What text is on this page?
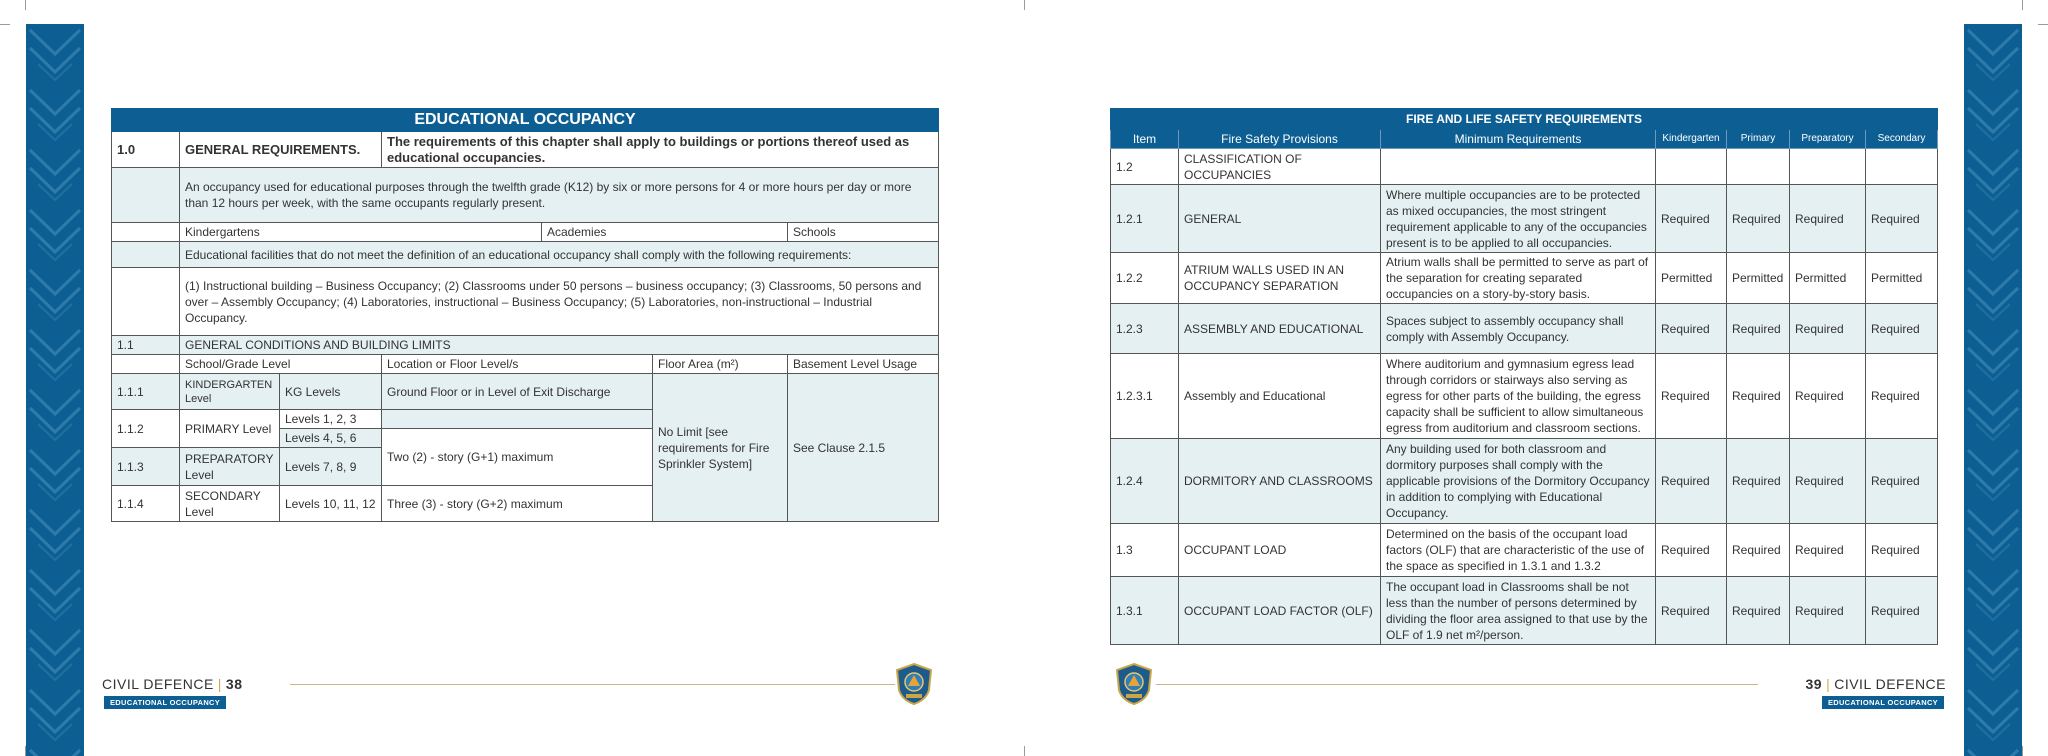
EDUCATIONAL OCCUPANCY						
1.0	GENERAL REQUIREMENTS.		The requirements of this chapter shall apply to buildings or portions thereof used as educational occupancies.			
	An occupancy used for educational purposes through the twelfth grade (K12) by six or more persons for 4 or more hours per day or more than 12 hours per week, with the same occupants regularly present.					
	Kindergartens			Academies		Schools
	Educational facilities that do not meet the definition of an educational occupancy shall comply with the following requirements:					
	(1) Instructional building – Business Occupancy; (2) Classrooms under 50 persons – business occupancy; (3) Classrooms, 50 persons and over – Assembly Occupancy; (4) Laboratories, instructional – Business Occupancy; (5) Laboratories, non-instructional – Industrial Occupancy.					
1.1	GENERAL CONDITIONS AND BUILDING LIMITS					
	School/Grade Level		Location or Floor Level/s		Floor Area (m²)	Basement Level Usage
1.1.1	KINDERGARTEN Level	KG Levels	Ground Floor or in Level of Exit Discharge		No Limit [see requirements for Fire Sprinkler System]	See Clause 2.1.5
1.1.2	PRIMARY Level	Levels 1, 2, 3				
		Levels 4, 5, 6	Two (2) - story (G+1) maximum			
1.1.3	PREPARATORY Level	Levels 7, 8, 9				
1.1.4	SECONDARY Level	Levels 10, 11, 12	Three (3) - story (G+2) maximum			
FIRE AND LIFE SAFETY REQUIREMENTS						
Item	Fire Safety Provisions	Minimum Requirements	Kindergarten	Primary	Preparatory	Secondary
1.2	CLASSIFICATION OF OCCUPANCIES					
1.2.1	GENERAL	Where multiple occupancies are to be protected as mixed occupancies, the most stringent requirement applicable to any of the occupancies present is to be applied to all occupancies.	Required	Required	Required	Required
1.2.2	ATRIUM WALLS USED IN AN OCCUPANCY SEPARATION	Atrium walls shall be permitted to serve as part of the separation for creating separated occupancies on a story-by-story basis.	Permitted	Permitted	Permitted	Permitted
1.2.3	ASSEMBLY AND EDUCATIONAL	Spaces subject to assembly occupancy shall comply with Assembly Occupancy.	Required	Required	Required	Required
1.2.3.1	Assembly and Educational	Where auditorium and gymnasium egress lead through corridors or stairways also serving as egress for other parts of the building, the egress capacity shall be sufficient to allow simultaneous egress from auditorium and classroom sections.	Required	Required	Required	Required
1.2.4	DORMITORY AND CLASSROOMS	Any building used for both classroom and dormitory purposes shall comply with the applicable provisions of the Dormitory Occupancy in addition to complying with Educational Occupancy.	Required	Required	Required	Required
1.3	OCCUPANT LOAD	Determined on the basis of the occupant load factors (OLF) that are characteristic of the use of the space as specified in 1.3.1 and 1.3.2	Required	Required	Required	Required
1.3.1	OCCUPANT LOAD FACTOR (OLF)	The occupant load in Classrooms shall be not less than the number of persons determined by dividing the floor area assigned to that use by the OLF of 1.9 net m²/person.	Required	Required	Required	Required
CIVIL DEFENCE | 38
EDUCATIONAL OCCUPANCY
39 | CIVIL DEFENCE
EDUCATIONAL OCCUPANCY
